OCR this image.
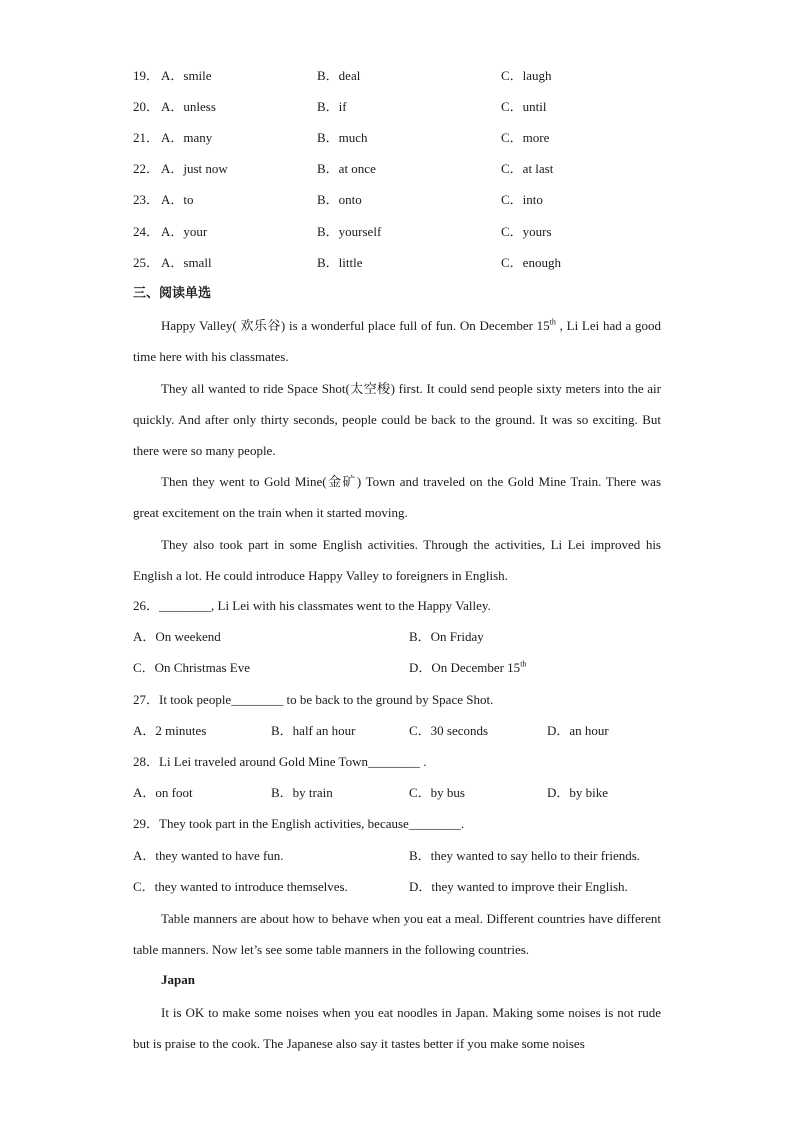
19． A．smile	B．deal	C．laugh
20． A．unless	B．if	C．until
21． A．many	B．much	C．more
22． A．just now	B．at once	C．at last
23． A．to	B．onto	C．into
24． A．your	B．yourself	C．yours
25． A．small	B．little	C．enough
三、阅读单选

Happy Valley( 欢乐谷) is a wonderful place full of fun. On December 15th , Li Lei had a good time here with his classmates.

They all wanted to ride Space Shot(太空梭) first. It could send people sixty meters into the air quickly. And after only thirty seconds, people could be back to the ground. It was so exciting. But there were so many people.

Then they went to Gold Mine(金矿) Town and traveled on the Gold Mine Train. There was great excitement on the train when it started moving.

They also took part in some English activities. Through the activities, Li Lei improved his English a lot. He could introduce Happy Valley to foreigners in English.

26．________, Li Lei with his classmates went to the Happy Valley.
A．On weekend	B．On Friday
C．On Christmas Eve	D．On December 15th
27．It took people________ to be back to the ground by Space Shot.
A．2 minutes	B．half an hour	C．30 seconds	D．an hour
28．Li Lei traveled around Gold Mine Town________ .
A．on foot	B．by train	C．by bus	D．by bike
29．They took part in the English activities, because________.
A．they wanted to have fun.	B．they wanted to say hello to their friends.
C．they wanted to introduce themselves.	D．they wanted to improve their English.

Table manners are about how to behave when you eat a meal. Different countries have different table manners. Now let’s see some table manners in the following countries.

Japan

It is OK to make some noises when you eat noodles in Japan. Making some noises is not rude but is praise to the cook. The Japanese also say it tastes better if you make some noises
